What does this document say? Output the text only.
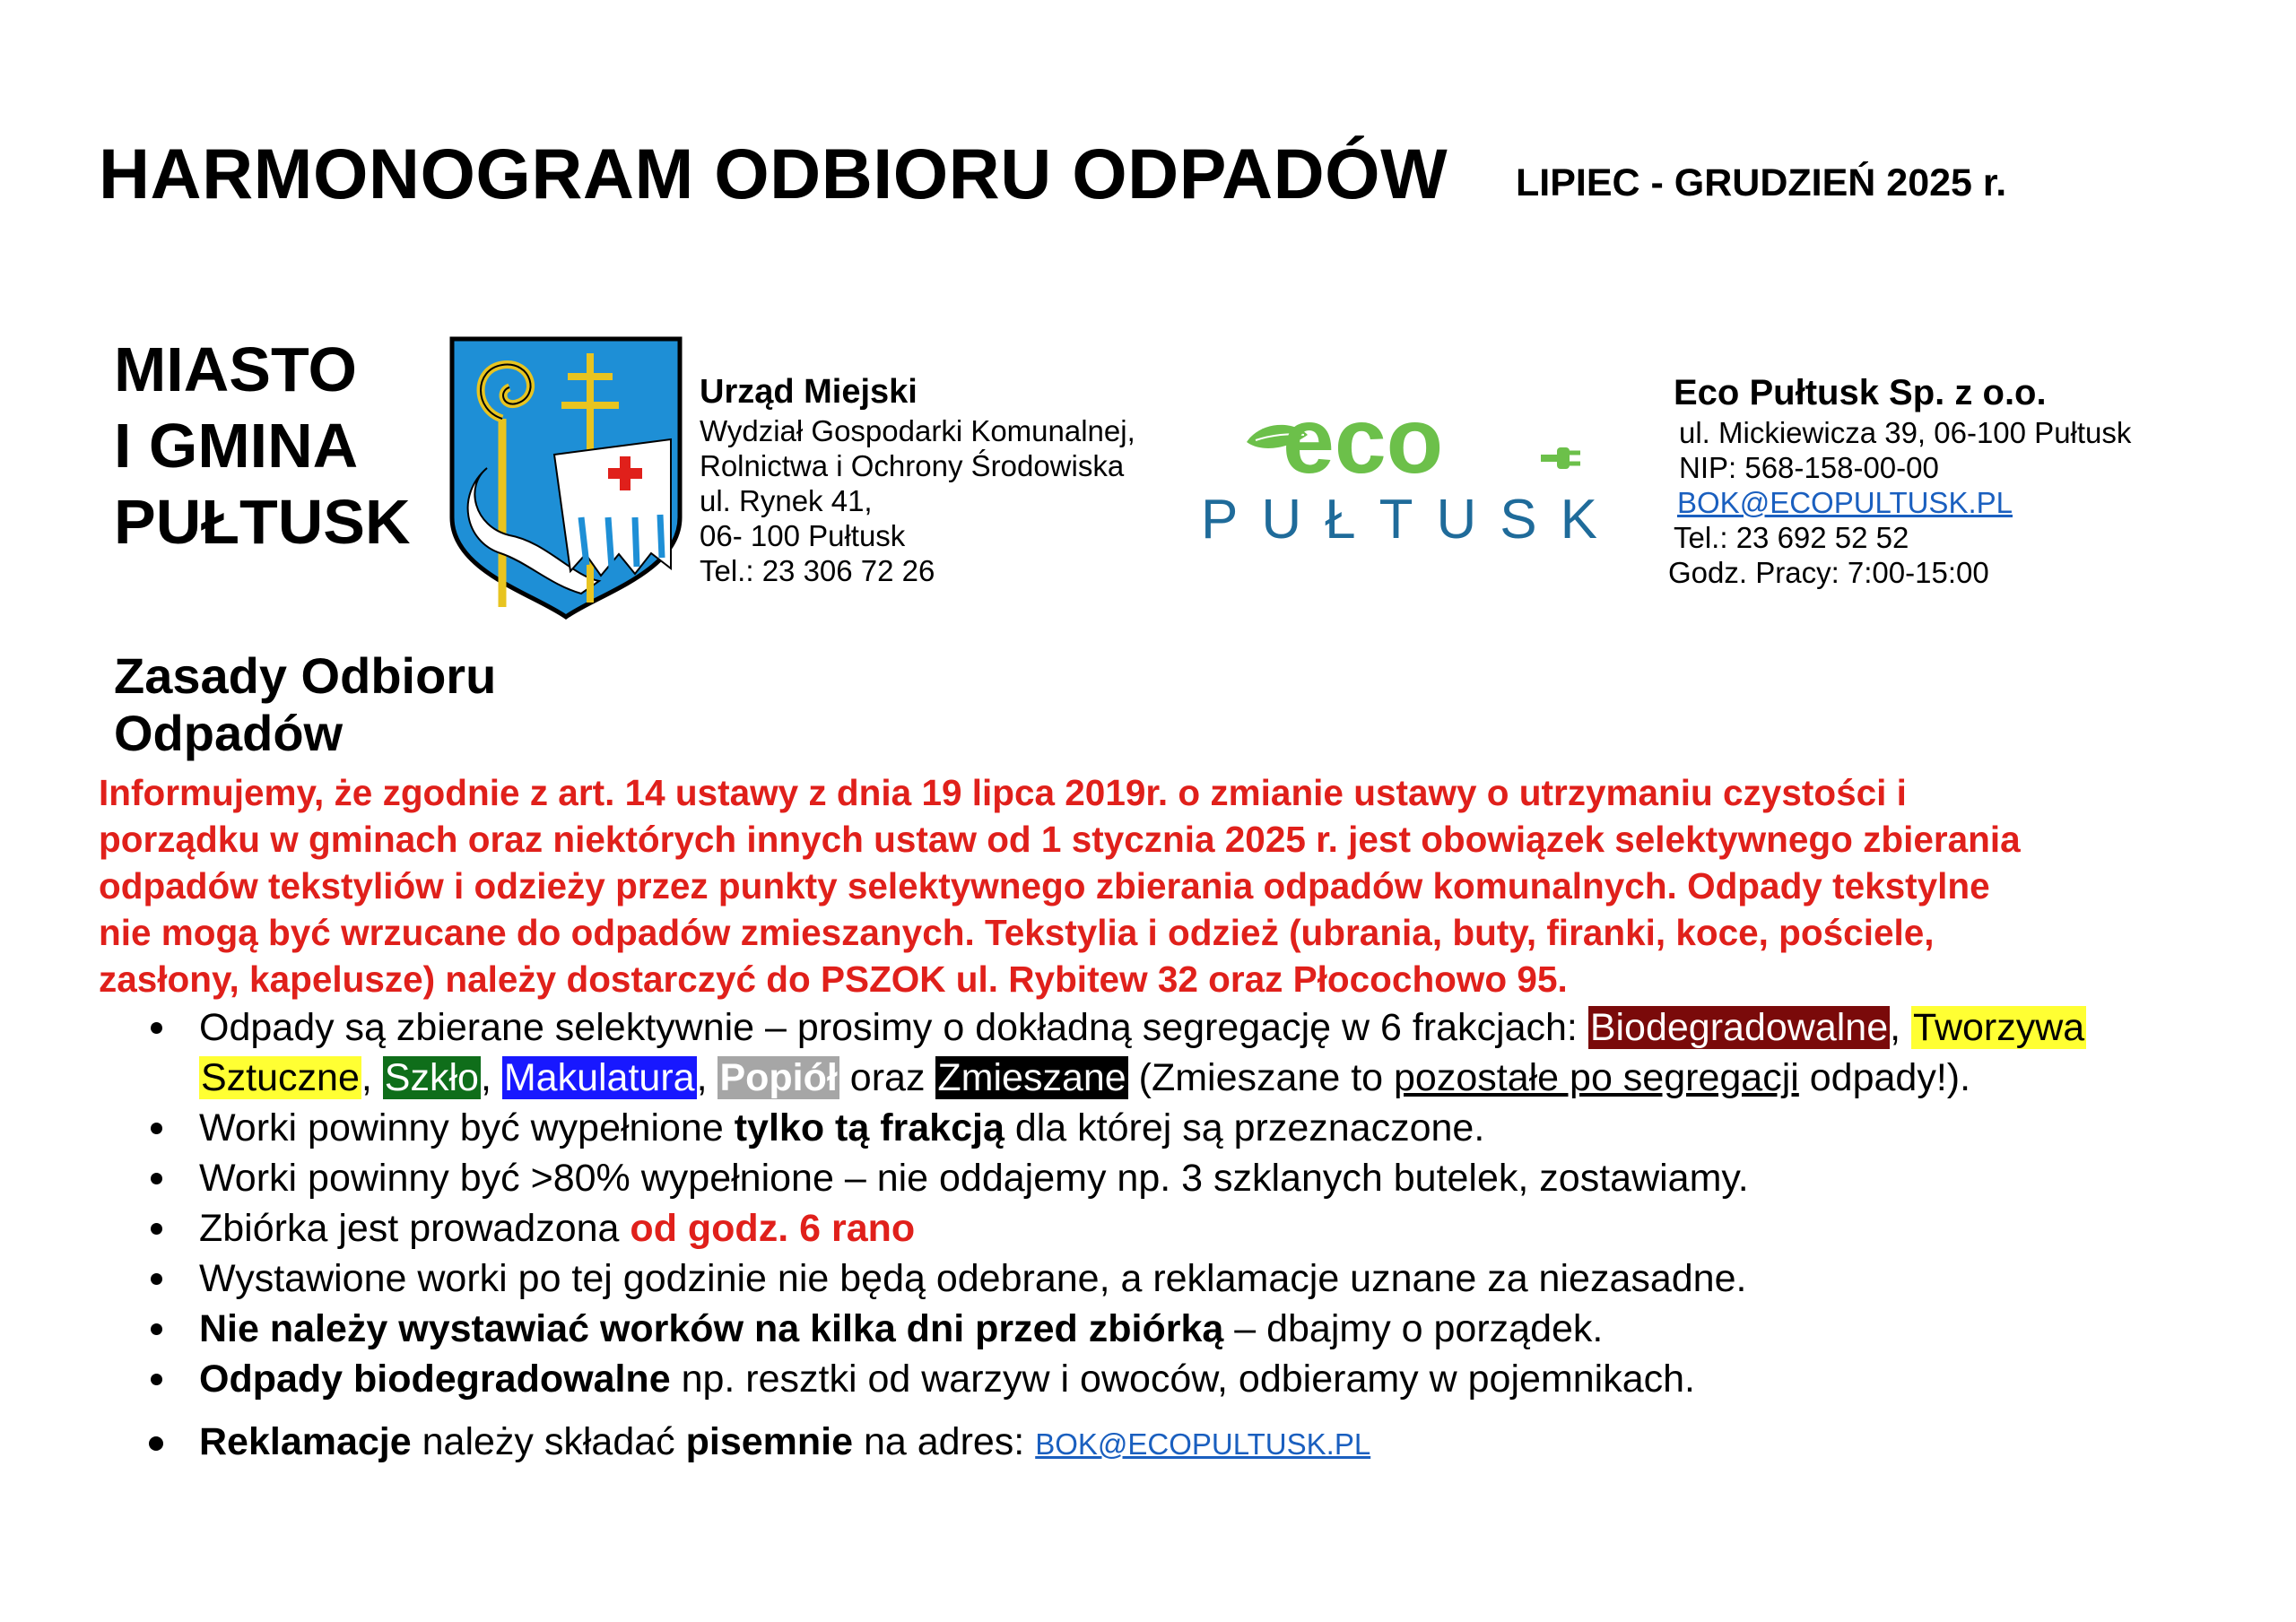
HARMONOGRAM ODBIORU ODPADÓW LIPIEC - GRUDZIEŃ 2025 r.
MIASTO
I GMINA
PUŁTUSK
Urząd Miejski
Wydział Gospodarki Komunalnej,
Rolnictwa i Ochrony Środowiska
ul. Rynek 41,
06- 100 Pułtusk
Tel.: 23 306 72 26
eco
PUŁTUSK
Eco Pułtusk Sp. z o.o.
ul. Mickiewicza 39, 06-100 Pułtusk
NIP: 568-158-00-00
BOK@ECOPULTUSK.PL
Tel.: 23 692 52 52
Godz. Pracy: 7:00-15:00
Zasady Odbioru
Odpadów
Informujemy, że zgodnie z art. 14 ustawy z dnia 19 lipca 2019r. o zmianie ustawy o utrzymaniu czystości i
porządku w gminach oraz niektórych innych ustaw od 1 stycznia 2025 r. jest obowiązek selektywnego zbierania
odpadów tekstyliów i odzieży przez punkty selektywnego zbierania odpadów komunalnych. Odpady tekstylne
nie mogą być wrzucane do odpadów zmieszanych. Tekstylia i odzież (ubrania, buty, firanki, koce, pościele,
zasłony, kapelusze) należy dostarczyć do PSZOK ul. Rybitew 32 oraz Płocochowo 95.
Odpady są zbierane selektywnie – prosimy o dokładną segregację w 6 frakcjach: Biodegradowalne, Tworzywa
Sztuczne, Szkło, Makulatura, Popiół oraz Zmieszane (Zmieszane to pozostałe po segregacji odpady!).
Worki powinny być wypełnione tylko tą frakcją dla której są przeznaczone.
Worki powinny być >80% wypełnione – nie oddajemy np. 3 szklanych butelek, zostawiamy.
Zbiórka jest prowadzona od godz. 6 rano
Wystawione worki po tej godzinie nie będą odebrane, a reklamacje uznane za niezasadne.
Nie należy wystawiać worków na kilka dni przed zbiórką – dbajmy o porządek.
Odpady biodegradowalne np. resztki od warzyw i owoców, odbieramy w pojemnikach.
Reklamacje należy składać pisemnie na adres: BOK@ECOPULTUSK.PL
